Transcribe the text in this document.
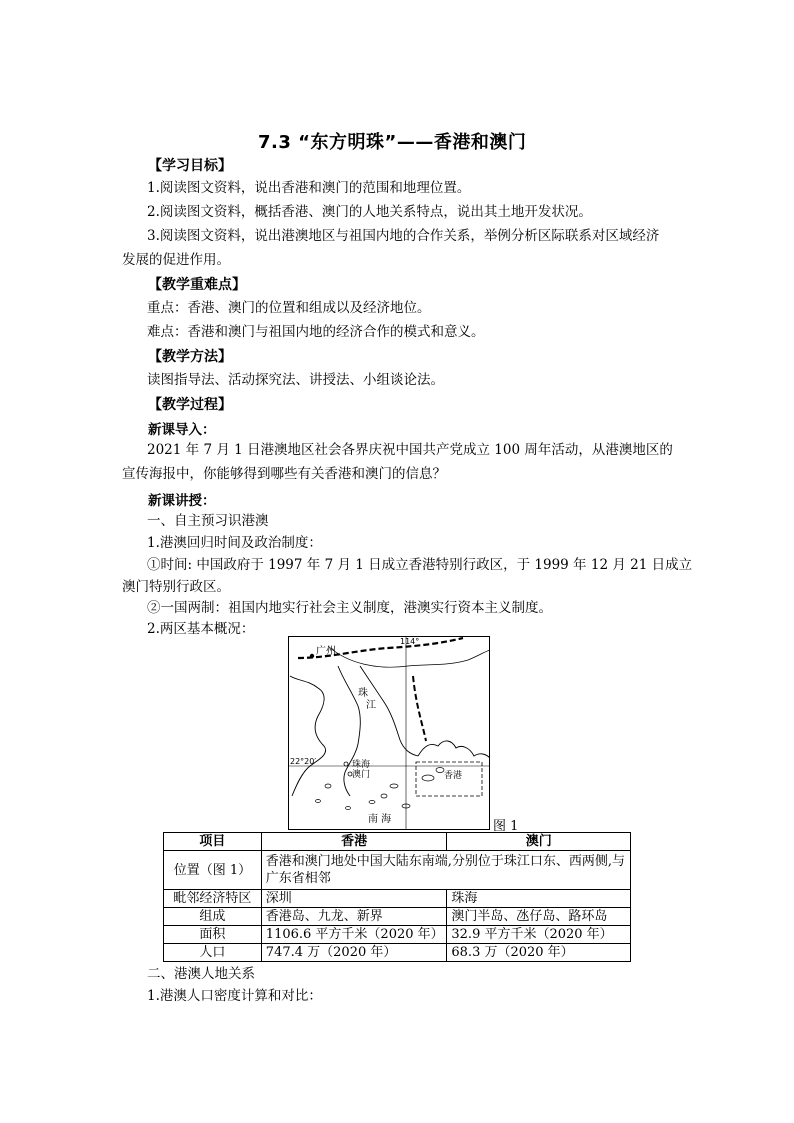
7.3 “东方明珠”——香港和澳门
【学习目标】
1.阅读图文资料，说出香港和澳门的范围和地理位置。
2.阅读图文资料，概括香港、澳门的人地关系特点，说出其土地开发状况。
3.阅读图文资料，说出港澳地区与祖国内地的合作关系，举例分析区际联系对区域经济
发展的促进作用。
【教学重难点】
重点：香港、澳门的位置和组成以及经济地位。
难点：香港和澳门与祖国内地的经济合作的模式和意义。
【教学方法】
读图指导法、活动探究法、讲授法、小组谈论法。
【教学过程】
新课导入：
2021 年 7 月 1 日港澳地区社会各界庆祝中国共产党成立 100 周年活动，从港澳地区的
宣传海报中，你能够得到哪些有关香港和澳门的信息？
新课讲授：
一、自主预习识港澳
1.港澳回归时间及政治制度：
①时间: 中国政府于 1997 年 7 月 1 日成立香港特别行政区，于 1999 年 12 月 21 日成立
澳门特别行政区。
②一国两制：祖国内地实行社会主义制度，港澳实行资本主义制度。
2.两区基本概况：
广州
114°
珠
江
22°20′	珠海
澳门	香港
南 海	图 1
项目	香港	澳门
位置（图 1）	香港和澳门地处中国大陆东南端,分别位于珠江口东、西两侧,与广东省相邻	
毗邻经济特区	深圳	珠海
组成	香港岛、九龙、新界	澳门半岛、氹仔岛、路环岛
面积	1106.6 平方千米（2020 年）	32.9 平方千米（2020 年）
人口	747.4 万（2020 年）	68.3 万（2020 年）
二、港澳人地关系
1.港澳人口密度计算和对比：
